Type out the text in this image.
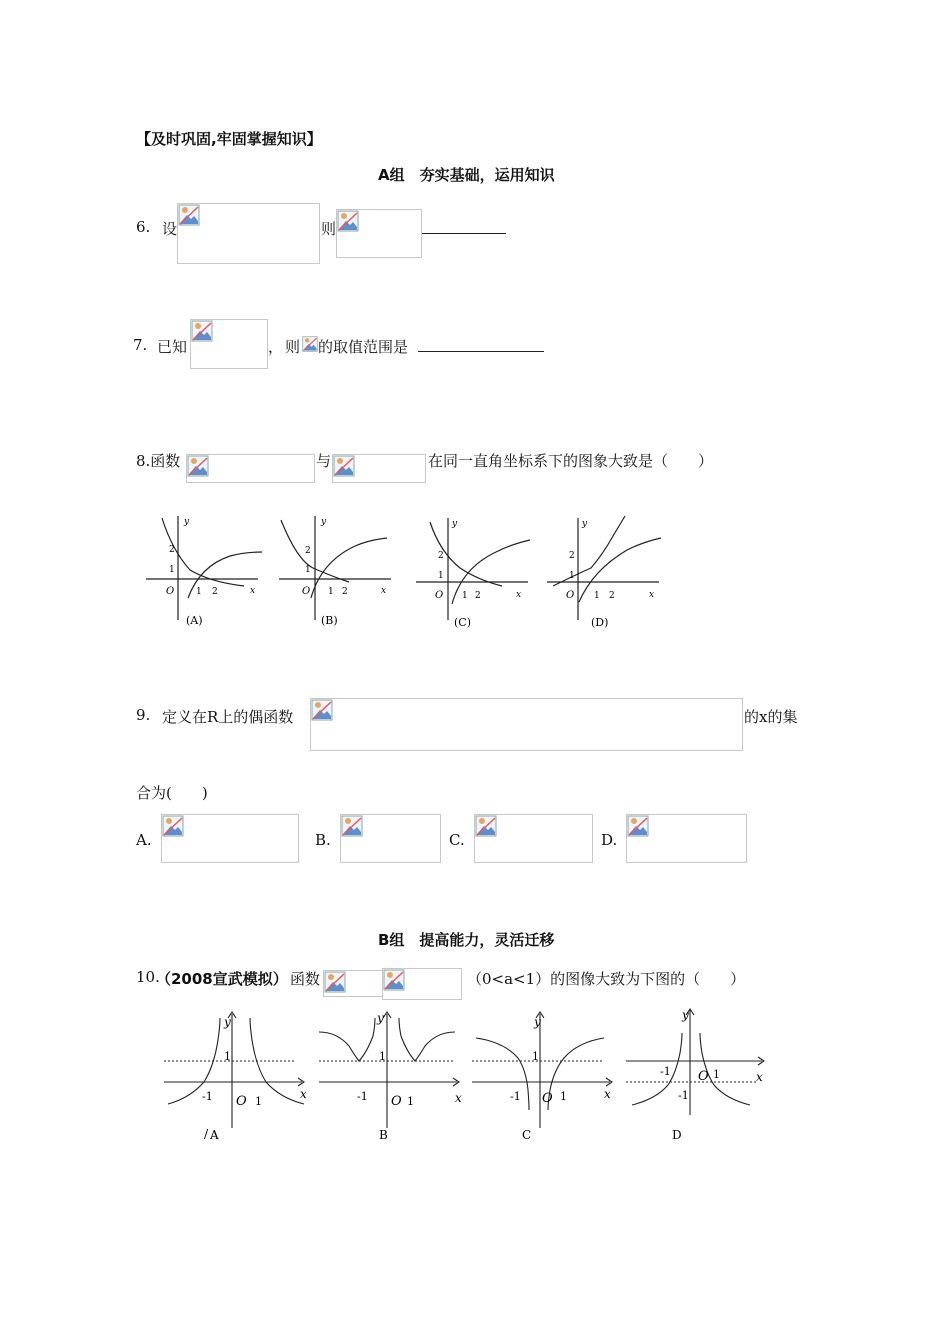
【及时巩固,牢固掌握知识】
A组　夯实基础，运用知识
6. 设	则
7. 已知	， 则 的取值范围是
8.函数	与	在同一直角坐标系下的图象大致是（　　）
y
x
O
1
2
1 2
(A)
y
x
O
1
2
1 2
(B)
y
x
O
1
2
1 2
(C)
y
x
O
1
2
1 2
(D)
9. 定义在R上的偶函数	的x的集
合为(　　)
A.	B.	C.	D.
B组　提高能力，灵活迁移
10.
（2008宣武模拟） 函数	（0<a<1）的图像大致为下图的（　　）
y
x
1
-1 O 1
/ A
y
x
1
-1 O 1
B
y
x
1
-1 O 1
C
y
x
-1 O 1
-1
D
